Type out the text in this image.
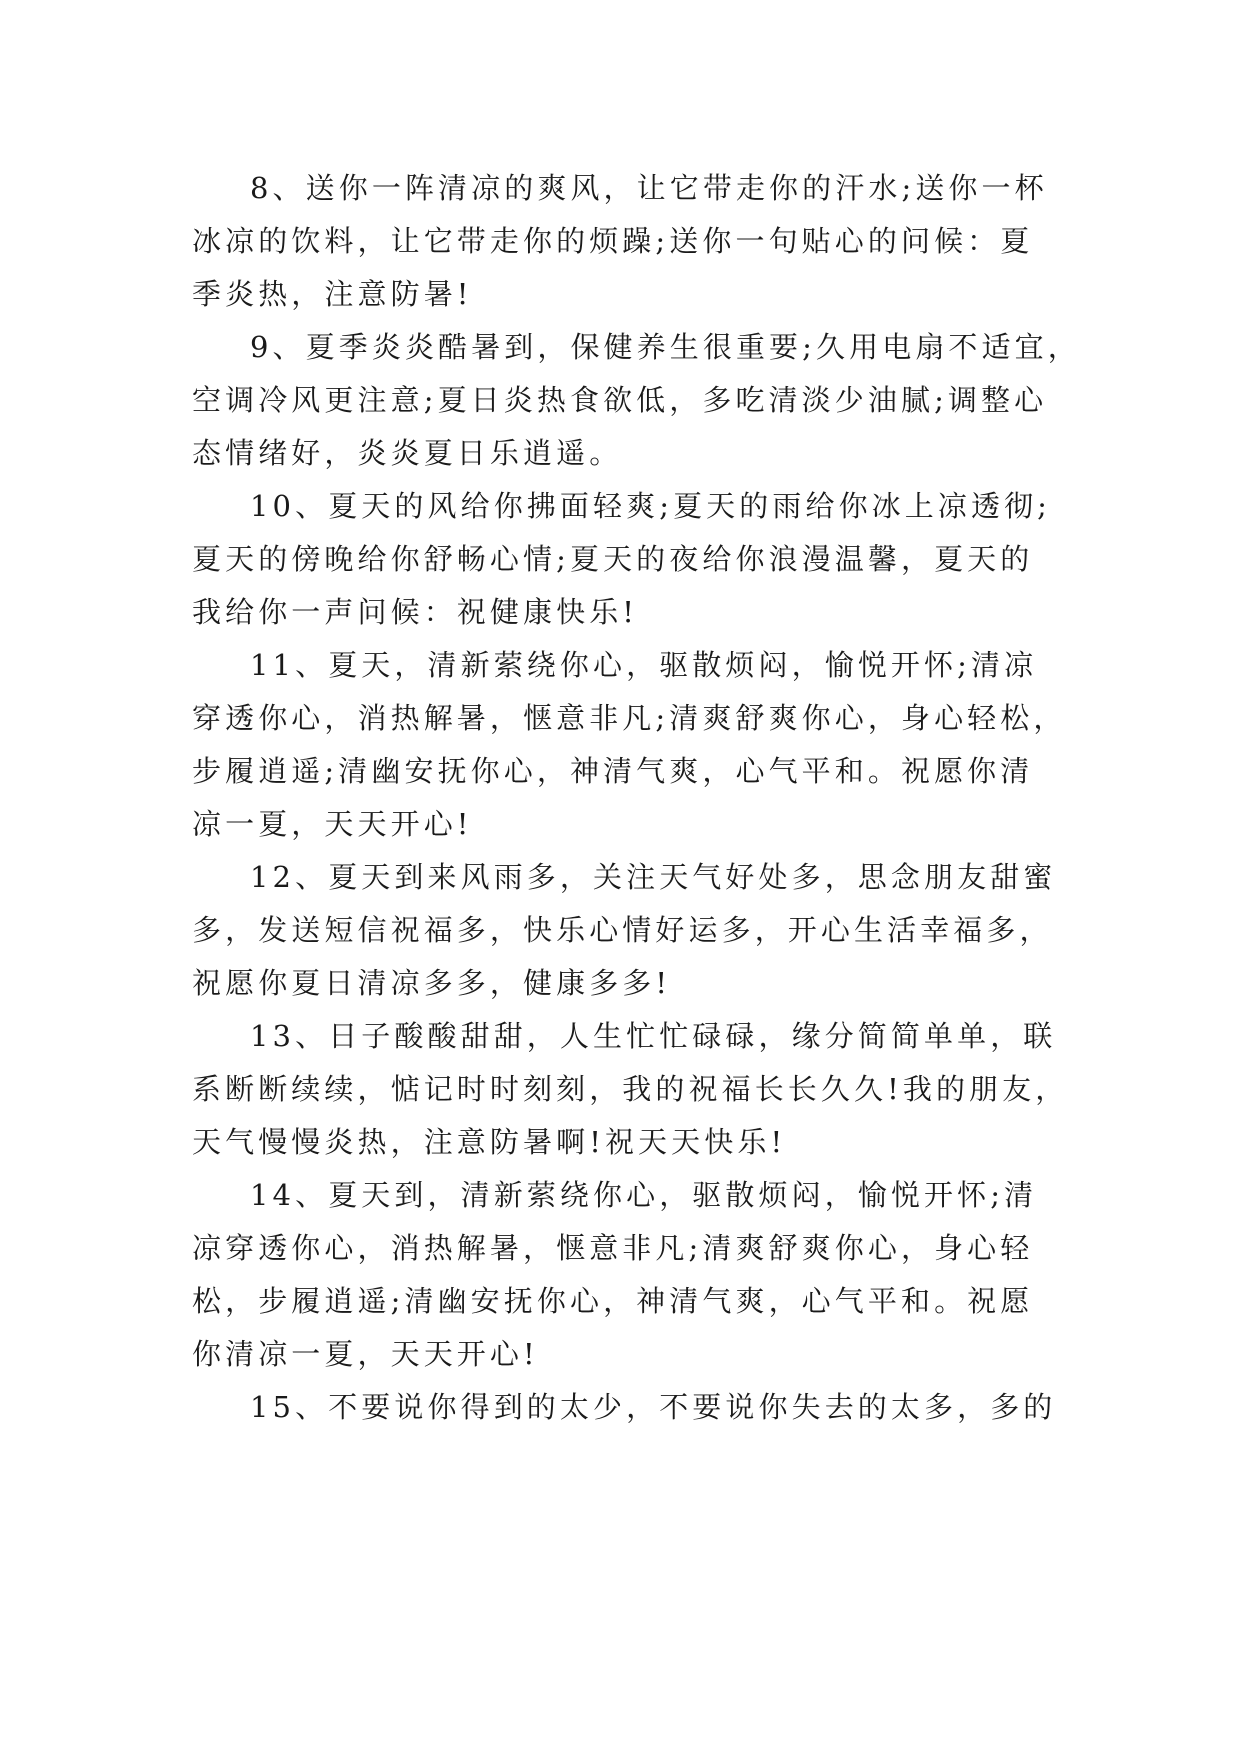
8、送你一阵清凉的爽风，让它带走你的汗水;送你一杯
冰凉的饮料，让它带走你的烦躁;送你一句贴心的问候：夏
季炎热，注意防暑!
9、夏季炎炎酷暑到，保健养生很重要;久用电扇不适宜，
空调冷风更注意;夏日炎热食欲低，多吃清淡少油腻;调整心
态情绪好，炎炎夏日乐逍遥。
10、夏天的风给你拂面轻爽;夏天的雨给你冰上凉透彻;
夏天的傍晚给你舒畅心情;夏天的夜给你浪漫温馨，夏天的
我给你一声问候：祝健康快乐!
11、夏天，清新萦绕你心，驱散烦闷，愉悦开怀;清凉
穿透你心，消热解暑，惬意非凡;清爽舒爽你心，身心轻松，
步履逍遥;清幽安抚你心，神清气爽，心气平和。祝愿你清
凉一夏，天天开心!
12、夏天到来风雨多，关注天气好处多，思念朋友甜蜜
多，发送短信祝福多，快乐心情好运多，开心生活幸福多，
祝愿你夏日清凉多多，健康多多!
13、日子酸酸甜甜，人生忙忙碌碌，缘分简简单单，联
系断断续续，惦记时时刻刻，我的祝福长长久久!我的朋友，
天气慢慢炎热，注意防暑啊!祝天天快乐!
14、夏天到，清新萦绕你心，驱散烦闷，愉悦开怀;清
凉穿透你心，消热解暑，惬意非凡;清爽舒爽你心，身心轻
松，步履逍遥;清幽安抚你心，神清气爽，心气平和。祝愿
你清凉一夏，天天开心!
15、不要说你得到的太少，不要说你失去的太多，多的
